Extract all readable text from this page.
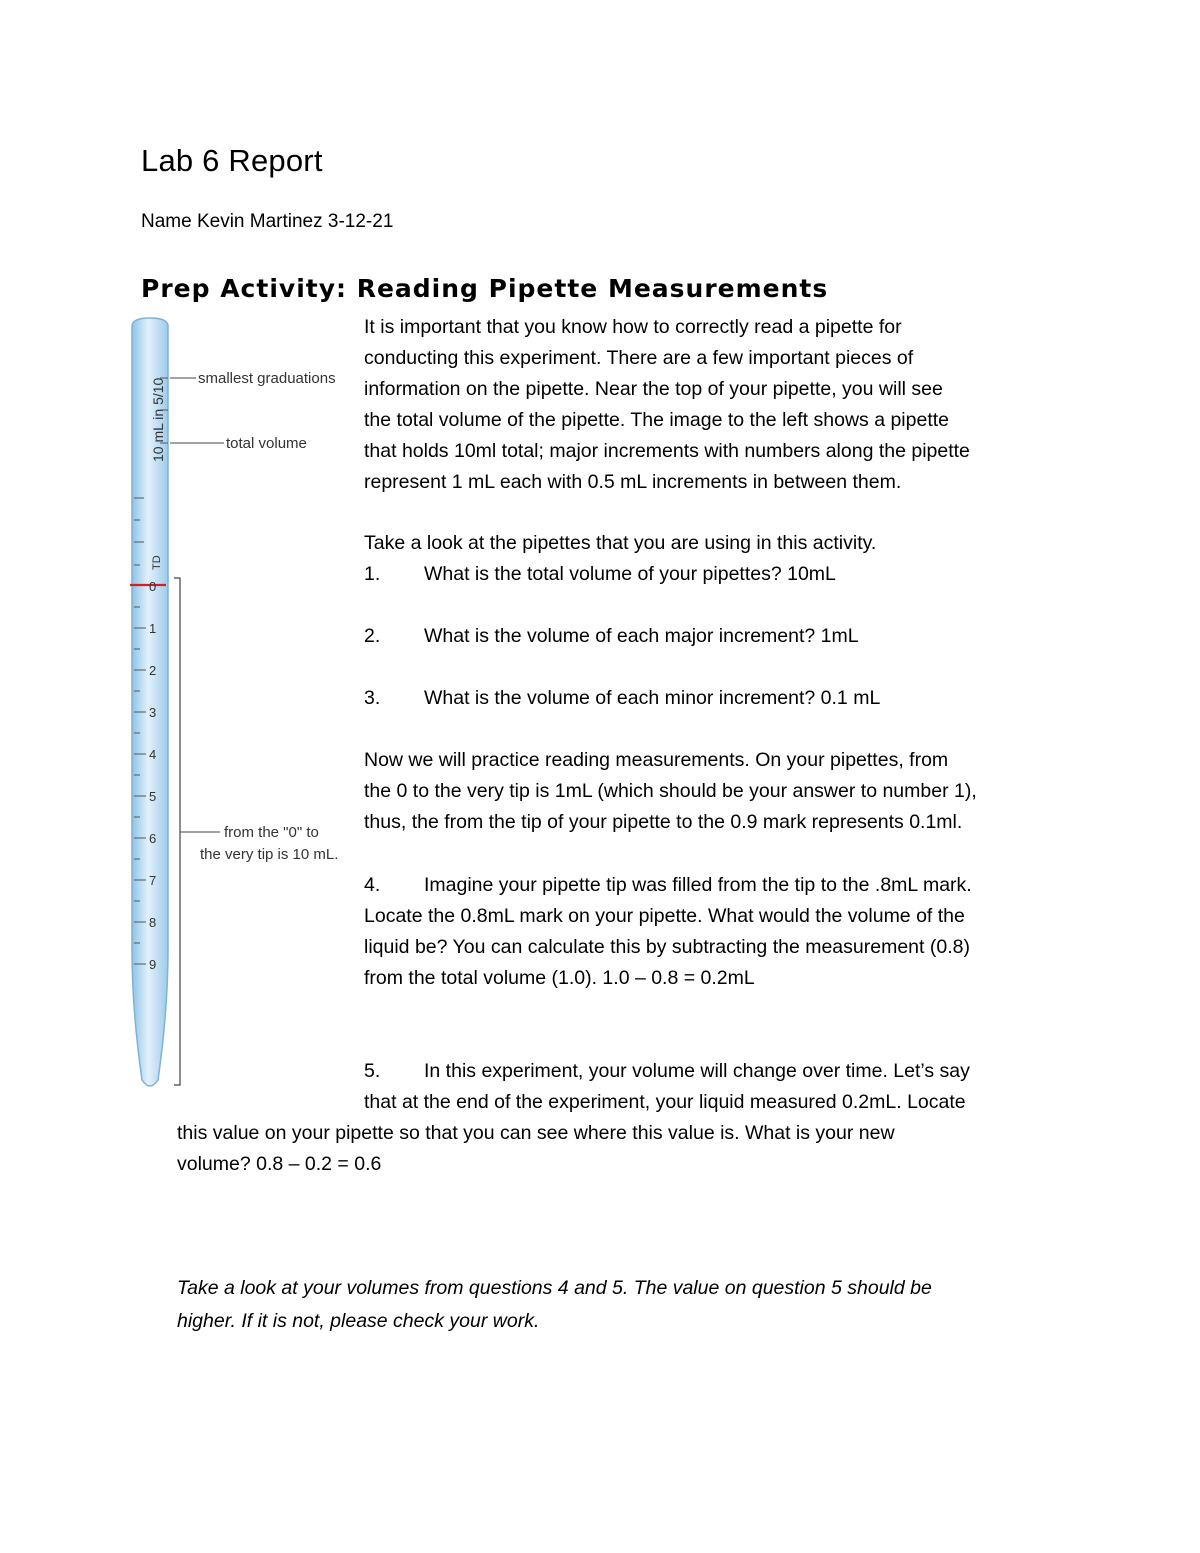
Lab 6 Report

Name Kevin Martinez 3-12-21

Prep Activity: Reading Pipette Measurements
10 mL in 5/10 smallest graduations
total volume
TD
0
1
2
3
4
5
6
7
8
9
from the "0" to
the very tip is 10 mL.
It is important that you know how to correctly read a pipette for
conducting this experiment. There are a few important pieces of
information on the pipette. Near the top of your pipette, you will see
the total volume of the pipette. The image to the left shows a pipette
that holds 10ml total; major increments with numbers along the pipette
represent 1 mL each with 0.5 mL increments in between them.

Take a look at the pipettes that you are using in this activity.

1. What is the total volume of your pipettes? 10mL

2. What is the volume of each major increment? 1mL

3. What is the volume of each minor increment? 0.1 mL

Now we will practice reading measurements. On your pipettes, from
the 0 to the very tip is 1mL (which should be your answer to number 1),
thus, the from the tip of your pipette to the 0.9 mark represents 0.1ml.

4. Imagine your pipette tip was filled from the tip to the .8mL mark.

Locate the 0.8mL mark on your pipette. What would the volume of the
liquid be? You can calculate this by subtracting the measurement (0.8)
from the total volume (1.0). 1.0 – 0.8 = 0.2mL

5. In this experiment, your volume will change over time. Let’s say

that at the end of the experiment, your liquid measured 0.2mL. Locate
this value on your pipette so that you can see where this value is. What is your new
volume? 0.8 – 0.2 = 0.6
Take a look at your volumes from questions 4 and 5. The value on question 5 should be
higher. If it is not, please check your work.
